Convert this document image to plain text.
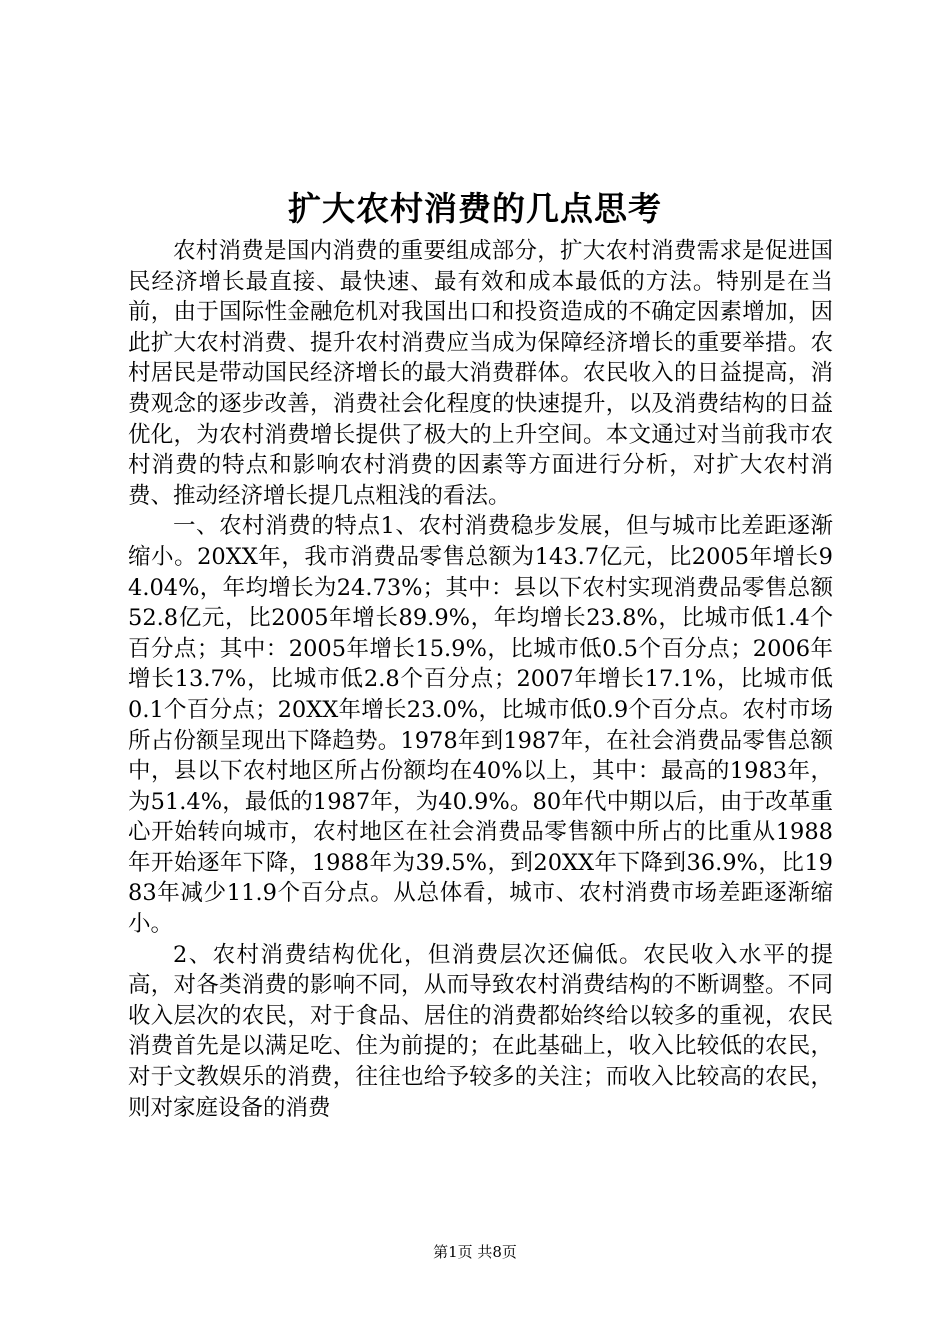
扩大农村消费的几点思考

农村消费是国内消费的重要组成部分，扩大农村消费需求是促进国民经济增长最直接、最快速、最有效和成本最低的方法。特别是在当前，由于国际性金融危机对我国出口和投资造成的不确定因素增加，因此扩大农村消费、提升农村消费应当成为保障经济增长的重要举措。农村居民是带动国民经济增长的最大消费群体。农民收入的日益提高，消费观念的逐步改善，消费社会化程度的快速提升，以及消费结构的日益优化，为农村消费增长提供了极大的上升空间。本文通过对当前我市农村消费的特点和影响农村消费的因素等方面进行分析，对扩大农村消费、推动经济增长提几点粗浅的看法。

一、农村消费的特点1、农村消费稳步发展，但与城市比差距逐渐缩小。20XX年，我市消费品零售总额为143.7亿元，比2005年增长94.04%，年均增长为24.73%；其中：县以下农村实现消费品零售总额52.8亿元，比2005年增长89.9%，年均增长23.8%，比城市低1.4个百分点；其中：2005年增长15.9%，比城市低0.5个百分点；2006年增长13.7%，比城市低2.8个百分点；2007年增长17.1%，比城市低0.1个百分点；20XX年增长23.0%，比城市低0.9个百分点。农村市场所占份额呈现出下降趋势。1978年到1987年，在社会消费品零售总额中，县以下农村地区所占份额均在40%以上，其中：最高的1983年，为51.4%，最低的1987年，为40.9%。80年代中期以后，由于改革重心开始转向城市，农村地区在社会消费品零售额中所占的比重从1988年开始逐年下降，1988年为39.5%，到20XX年下降到36.9%，比1983年减少11.9个百分点。从总体看，城市、农村消费市场差距逐渐缩小。

2、农村消费结构优化，但消费层次还偏低。农民收入水平的提高，对各类消费的影响不同，从而导致农村消费结构的不断调整。不同收入层次的农民，对于食品、居住的消费都始终给以较多的重视，农民消费首先是以满足吃、住为前提的；在此基础上，收入比较低的农民，对于文教娱乐的消费，往往也给予较多的关注；而收入比较高的农民，则对家庭设备的消费

第1页 共8页
